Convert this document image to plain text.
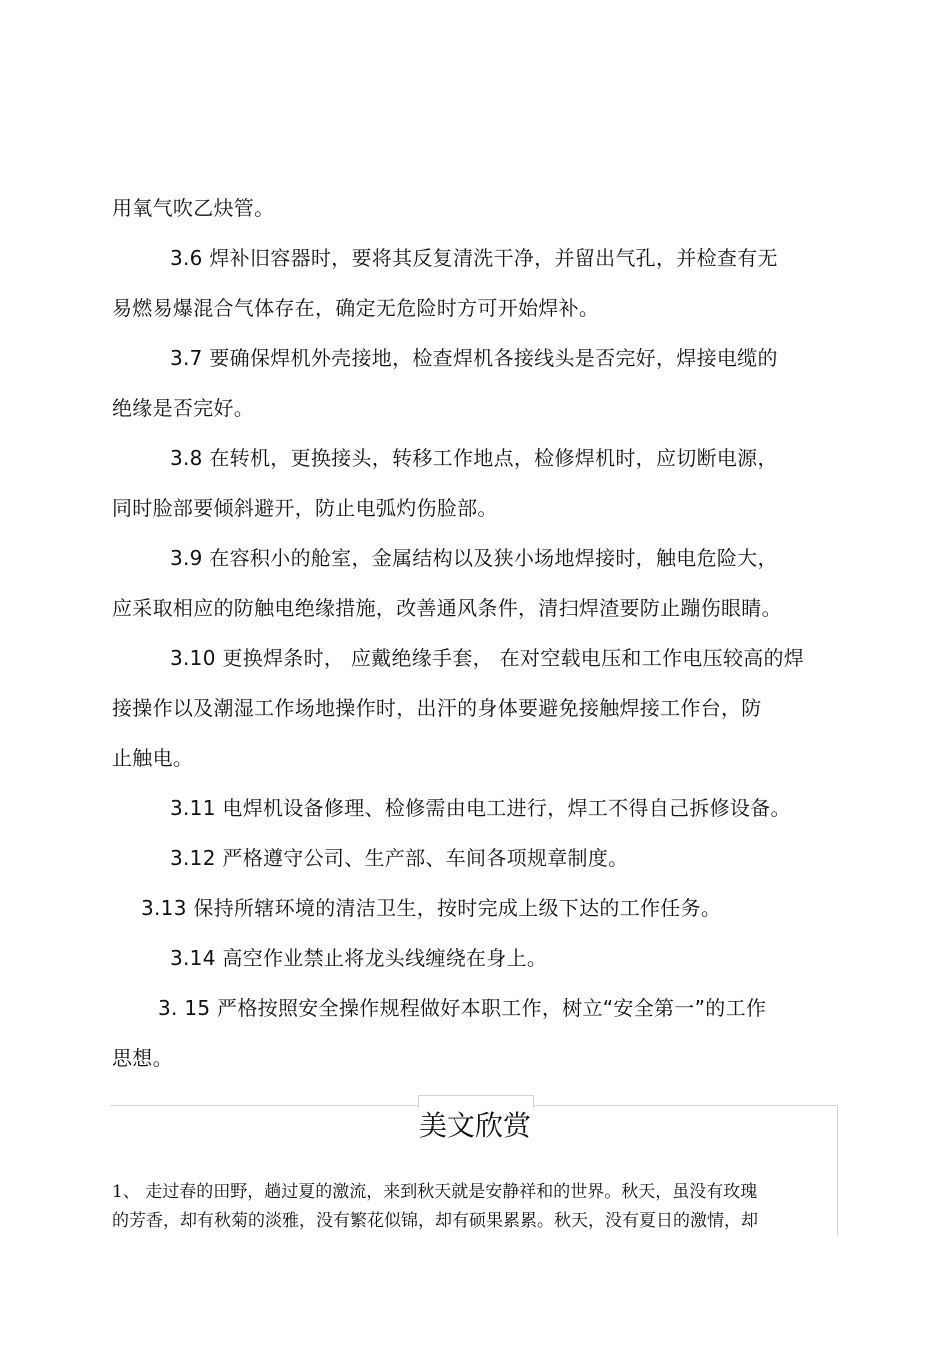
用氧气吹乙炔管。
3.6 焊补旧容器时，要将其反复清洗干净，并留出气孔，并检查有无
易燃易爆混合气体存在，确定无危险时方可开始焊补。
3.7 要确保焊机外壳接地，检查焊机各接线头是否完好，焊接电缆的
绝缘是否完好。
3.8 在转机，更换接头，转移工作地点，检修焊机时，应切断电源，
同时脸部要倾斜避开，防止电弧灼伤脸部。
3.9 在容积小的舱室，金属结构以及狭小场地焊接时，触电危险大，
应采取相应的防触电绝缘措施，改善通风条件，清扫焊渣要防止蹦伤眼睛。
3.10 更换焊条时， 应戴绝缘手套， 在对空载电压和工作电压较高的焊
接操作以及潮湿工作场地操作时，出汗的身体要避免接触焊接工作台，防
止触电。
3.11 电焊机设备修理、检修需由电工进行，焊工不得自己拆修设备。
3.12 严格遵守公司、生产部、车间各项规章制度。
3.13 保持所辖环境的清洁卫生，按时完成上级下达的工作任务。
3.14 高空作业禁止将龙头线缠绕在身上。
3. 15 严格按照安全操作规程做好本职工作，树立“安全第一”的工作
思想。
美文欣赏
1、 走过春的田野，趟过夏的激流，来到秋天就是安静祥和的世界。秋天，虽没有玫瑰
的芳香，却有秋菊的淡雅，没有繁花似锦，却有硕果累累。秋天，没有夏日的激情，却
